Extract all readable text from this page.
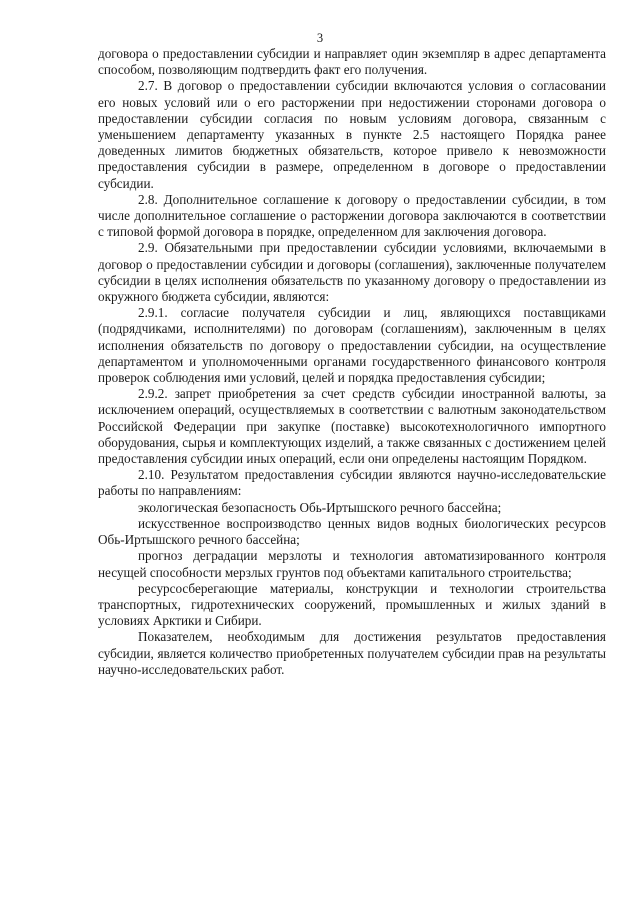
3

договора о предоставлении субсидии и направляет один экземпляр в адрес департамента способом, позволяющим подтвердить факт его получения.

2.7. В договор о предоставлении субсидии включаются условия о согласовании его новых условий или о его расторжении при недостижении сторонами договора о предоставлении субсидии согласия по новым условиям договора, связанным с уменьшением департаменту указанных в пункте 2.5 настоящего Порядка ранее доведенных лимитов бюджетных обязательств, которое привело к невозможности предоставления субсидии в размере, определенном в договоре о предоставлении субсидии.

2.8. Дополнительное соглашение к договору о предоставлении субсидии, в том числе дополнительное соглашение о расторжении договора заключаются в соответствии с типовой формой договора в порядке, определенном для заключения договора.

2.9. Обязательными при предоставлении субсидии условиями, включаемыми в договор о предоставлении субсидии и договоры (соглашения), заключенные получателем субсидии в целях исполнения обязательств по указанному договору о предоставлении из окружного бюджета субсидии, являются:

2.9.1. согласие получателя субсидии и лиц, являющихся поставщиками (подрядчиками, исполнителями) по договорам (соглашениям), заключенным в целях исполнения обязательств по договору о предоставлении субсидии, на осуществление департаментом и уполномоченными органами государственного финансового контроля проверок соблюдения ими условий, целей и порядка предоставления субсидии;

2.9.2. запрет приобретения за счет средств субсидии иностранной валюты, за исключением операций, осуществляемых в соответствии с валютным законодательством Российской Федерации при закупке (поставке) высокотехнологичного импортного оборудования, сырья и комплектующих изделий, а также связанных с достижением целей предоставления субсидии иных операций, если они определены настоящим Порядком.

2.10. Результатом предоставления субсидии являются научно-исследовательские работы по направлениям:

экологическая безопасность Обь-Иртышского речного бассейна;

искусственное воспроизводство ценных видов водных биологических ресурсов Обь-Иртышского речного бассейна;

прогноз деградации мерзлоты и технология автоматизированного контроля несущей способности мерзлых грунтов под объектами капитального строительства;

ресурсосберегающие материалы, конструкции и технологии строительства транспортных, гидротехнических сооружений, промышленных и жилых зданий в условиях Арктики и Сибири.

Показателем, необходимым для достижения результатов предоставления субсидии, является количество приобретенных получателем субсидии прав на результаты научно-исследовательских работ.
